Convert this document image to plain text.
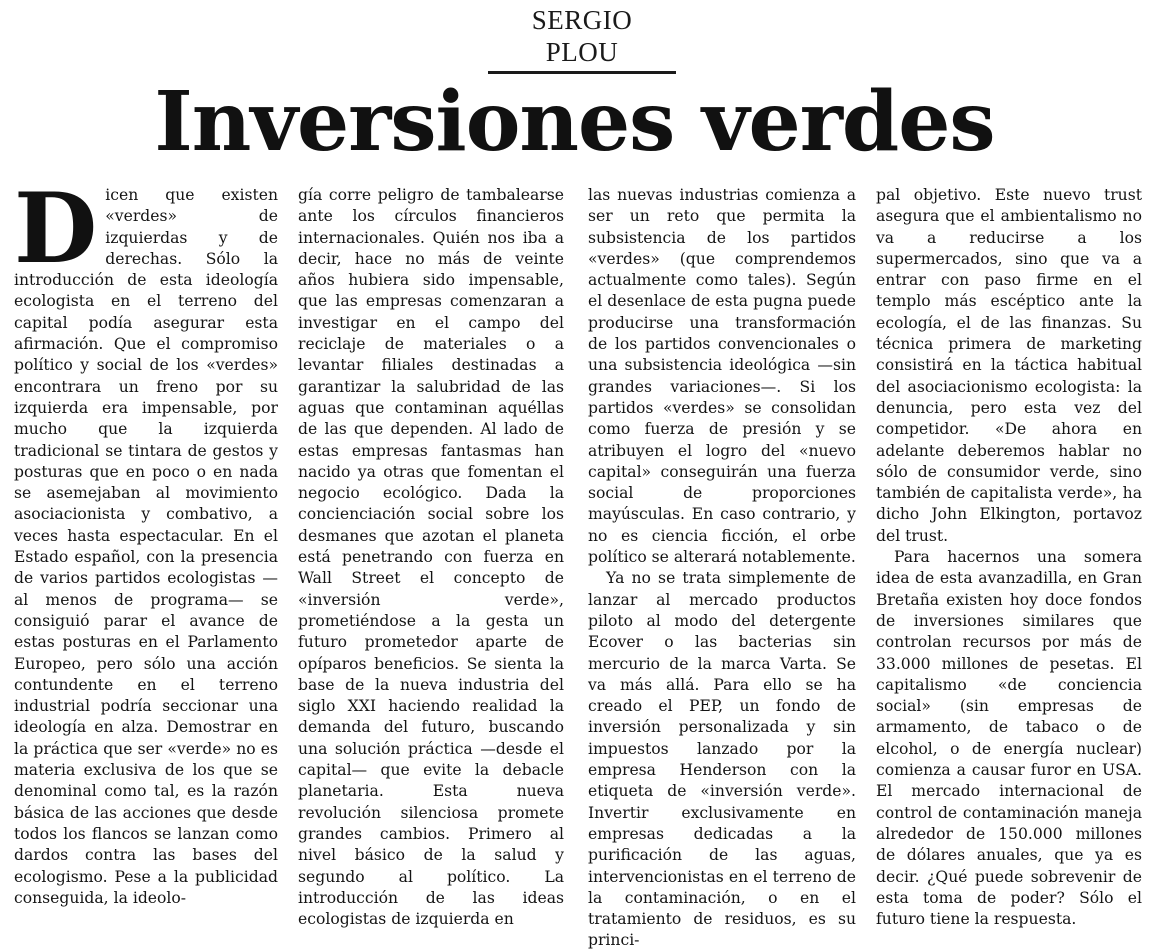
SERGIO PLOU
Inversiones verdes
D icen que existen «verdes» de izquierdas y de derechas. Sólo la introducción de esta ideología ecologista en el terreno del capital podía asegurar esta afirmación. Que el compromiso político y social de los «verdes» encontrara un freno por su izquierda era impensable, por mucho que la izquierda tradicional se tintara de gestos y posturas que en poco o en nada se asemejaban al movimiento asociacionista y combativo, a veces hasta espectacular. En el Estado español, con la presencia de varios partidos ecologistas —al menos de programa— se consiguió parar el avance de estas posturas en el Parlamento Europeo, pero sólo una acción contundente en el terreno industrial podría seccionar una ideología en alza. Demostrar en la práctica que ser «verde» no es materia exclusiva de los que se denominal como tal, es la razón básica de las acciones que desde todos los flancos se lanzan como dardos contra las bases del ecologismo. Pese a la publicidad conseguida, la ideolo-

gía corre peligro de tambalearse ante los círculos financieros internacionales. Quién nos iba a decir, hace no más de veinte años hubiera sido impensable, que las empresas comenzaran a investigar en el campo del reciclaje de materiales o a levantar filiales destinadas a garantizar la salubridad de las aguas que contaminan aquéllas de las que dependen. Al lado de estas empresas fantasmas han nacido ya otras que fomentan el negocio ecológico. Dada la concienciación social sobre los desmanes que azotan el planeta está penetrando con fuerza en Wall Street el concepto de «inversión verde», prometiéndose a la gesta un futuro prometedor aparte de opíparos beneficios. Se sienta la base de la nueva industria del siglo XXI haciendo realidad la demanda del futuro, buscando una solución práctica —desde el capital— que evite la debacle planetaria. Esta nueva revolución silenciosa promete grandes cambios. Primero al nivel básico de la salud y segundo al político. La introducción de las ideas ecologistas de izquierda en

las nuevas industrias comienza a ser un reto que permita la subsistencia de los partidos «verdes» (que comprendemos actualmente como tales). Según el desenlace de esta pugna puede producirse una transformación de los partidos convencionales o una subsistencia ideológica —sin grandes variaciones—. Si los partidos «verdes» se consolidan como fuerza de presión y se atribuyen el logro del «nuevo capital» conseguirán una fuerza social de proporciones mayúsculas. En caso contrario, y no es ciencia ficción, el orbe político se alterará notablemente.

Ya no se trata simplemente de lanzar al mercado productos piloto al modo del detergente Ecover o las bacterias sin mercurio de la marca Varta. Se va más allá. Para ello se ha creado el PEP, un fondo de inversión personalizada y sin impuestos lanzado por la empresa Henderson con la etiqueta de «inversión verde». Invertir exclusivamente en empresas dedicadas a la purificación de las aguas, intervencionistas en el terreno de la contaminación, o en el tratamiento de residuos, es su princi-

pal objetivo. Este nuevo trust asegura que el ambientalismo no va a reducirse a los supermercados, sino que va a entrar con paso firme en el templo más escéptico ante la ecología, el de las finanzas. Su técnica primera de marketing consistirá en la táctica habitual del asociacionismo ecologista: la denuncia, pero esta vez del competidor. «De ahora en adelante deberemos hablar no sólo de consumidor verde, sino también de capitalista verde», ha dicho John Elkington, portavoz del trust.

Para hacernos una somera idea de esta avanzadilla, en Gran Bretaña existen hoy doce fondos de inversiones similares que controlan recursos por más de 33.000 millones de pesetas. El capitalismo «de conciencia social» (sin empresas de armamento, de tabaco o de elcohol, o de energía nuclear) comienza a causar furor en USA. El mercado internacional de control de contaminación maneja alrededor de 150.000 millones de dólares anuales, que ya es decir. ¿Qué puede sobrevenir de esta toma de poder? Sólo el futuro tiene la respuesta.
